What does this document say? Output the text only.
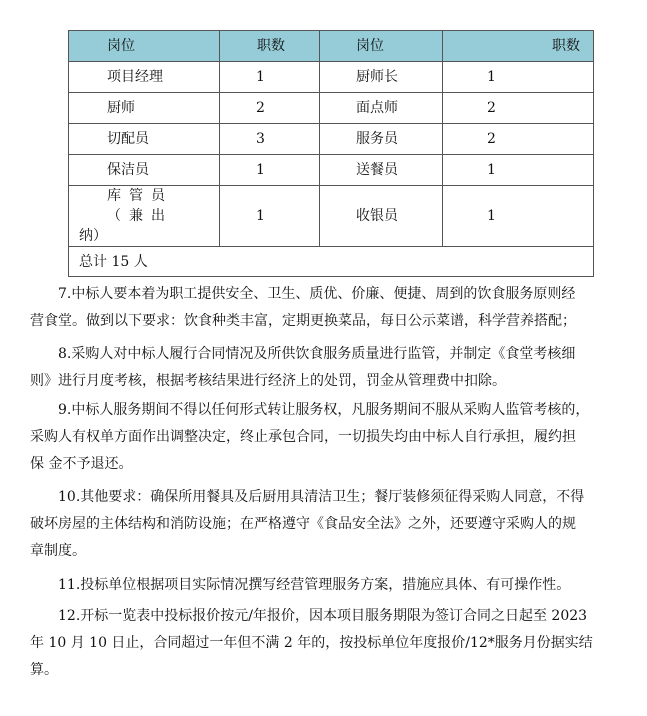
岗位	职数	岗位	职数
项目经理	1	厨师长	1
厨师	2	面点师	2
切配员	3	服务员	2
保洁员	1	送餐员	1

库管员（兼出
纳）	1	收银员	1
总计 15 人			
7.中标人要本着为职工提供安全、卫生、质优、价廉、便捷、周到的饮食服务原则经
营食堂。做到以下要求：饮食种类丰富，定期更换菜品，每日公示菜谱，科学营养搭配；
8.采购人对中标人履行合同情况及所供饮食服务质量进行监管，并制定《食堂考核细
则》进行月度考核，根据考核结果进行经济上的处罚，罚金从管理费中扣除。
9.中标人服务期间不得以任何形式转让服务权，凡服务期间不服从采购人监管考核的，
采购人有权单方面作出调整决定，终止承包合同，一切损失均由中标人自行承担，履约担
保 金不予退还。
10.其他要求：确保所用餐具及后厨用具清洁卫生；餐厅装修须征得采购人同意，不得
破坏房屋的主体结构和消防设施；在严格遵守《食品安全法》之外，还要遵守采购人的规
章制度。
11.投标单位根据项目实际情况撰写经营管理服务方案，措施应具体、有可操作性。
12.开标一览表中投标报价按元/年报价，因本项目服务期限为签订合同之日起至 2023
年 10 月 10 日止，合同超过一年但不满 2 年的，按投标单位年度报价/12*服务月份据实结
算。
